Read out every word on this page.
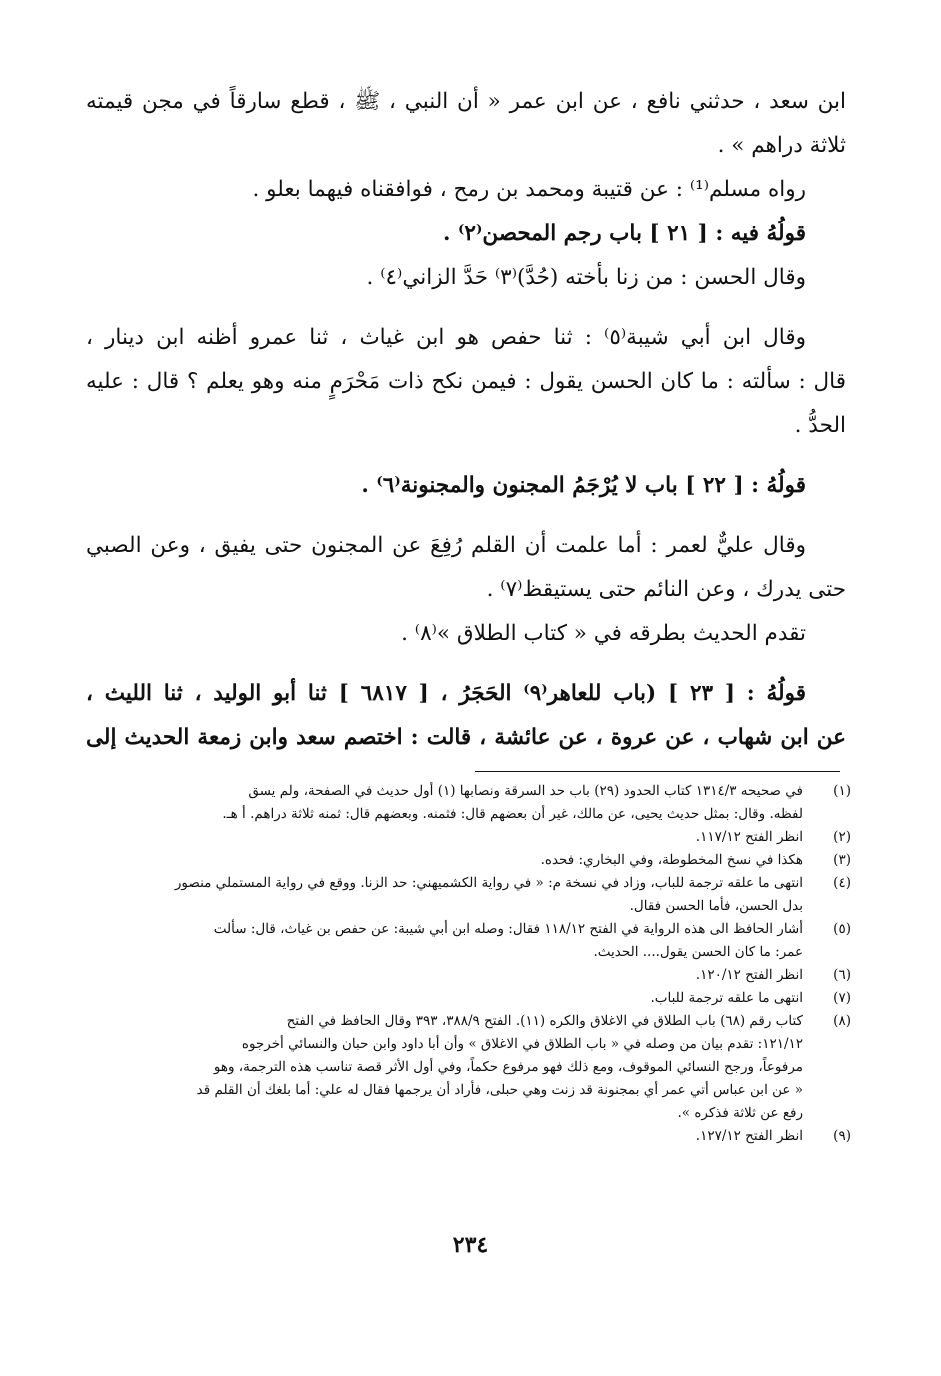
ابن سعد ، حدثني نافع ، عن ابن عمر « أن النبي ، ﷺ ، قطع سارقاً في مجن قيمته
ثلاثة دراهم » .
رواه مسلم⁽¹⁾ : عن قتيبة ومحمد بن رمح ، فوافقناه فيهما بعلو .
قولُهُ فيه : [ ٢١ ] باب رجم المحصن⁽٢⁾ .
وقال الحسن : من زنا بأخته (حُدَّ)⁽٣⁾ حَدَّ الزاني⁽٤⁾ .
وقال ابن أبي شيبة⁽٥⁾ : ثنا حفص هو ابن غياث ، ثنا عمرو أظنه ابن دينار ،
قال : سألته : ما كان الحسن يقول : فيمن نكح ذات مَحْرَمٍ منه وهو يعلم ؟ قال : عليه
الحدُّ .
قولُهُ : [ ٢٢ ] باب لا يُرْجَمُ المجنون والمجنونة⁽٦⁾ .
وقال عليٌّ لعمر : أما علمت أن القلم رُفِعَ عن المجنون حتى يفيق ، وعن الصبي
حتى يدرك ، وعن النائم حتى يستيقظ⁽٧⁾ .
تقدم الحديث بطرقه في « كتاب الطلاق »⁽٨⁾ .
قولُهُ : [ ٢٣ ] (باب للعاهر⁽٩⁾ الحَجَرُ ، [ ٦٨١٧ ] ثنا أبو الوليد ، ثنا الليث ،
عن ابن شهاب ، عن عروة ، عن عائشة ، قالت : اختصم سعد وابن زمعة الحديث إلى
(١)
في صحيحه ١٣١٤/٣ كتاب الحدود (٢٩) باب حد السرقة ونصابها (١) أول حديث في الصفحة، ولم يسق
لفظه. وقال: بمثل حديث يحيى، عن مالك، غير أن بعضهم قال: فثمنه. وبعضهم قال: ثمنه ثلاثة دراهم. أ هـ.
(٢)
انظر الفتح ١١٧/١٢.
(٣)
هكذا في نسخ المخطوطة، وفي البخاري: فحده.
(٤)
انتهى ما علقه ترجمة للباب، وزاد في نسخة م: « في رواية الكشميهني: حد الزنا. ووقع في رواية المستملي منصور
بدل الحسن، فأما الحسن فقال.
(٥)
أشار الحافظ الى هذه الرواية في الفتح ١١٨/١٢ فقال: وصله ابن أبي شيبة: عن حفص بن غياث، قال: سألت
عمر: ما كان الحسن يقول.... الحديث.
(٦)
انظر الفتح ١٢٠/١٢.
(٧)
انتهى ما علقه ترجمة للباب.
(٨)
كتاب رقم (٦٨) باب الطلاق في الاغلاق والكره (١١). الفتح ٣٨٨/٩، ٣٩٣ وقال الحافظ في الفتح
١٢١/١٢: تقدم بيان من وصله في « باب الطلاق في الاغلاق » وأن أبا داود وابن حبان والنسائي أخرجوه
مرفوعاً، ورجح النسائي الموقوف، ومع ذلك فهو مرفوع حكماً، وفي أول الأثر قصة تناسب هذه الترجمة، وهو
« عن ابن عباس أتي عمر أي بمجنونة قد زنت وهي حبلى، فأراد أن يرجمها فقال له علي: أما بلغك أن القلم قد
رفع عن ثلاثة فذكره ».
(٩)
انظر الفتح ١٢٧/١٢.
٢٣٤
